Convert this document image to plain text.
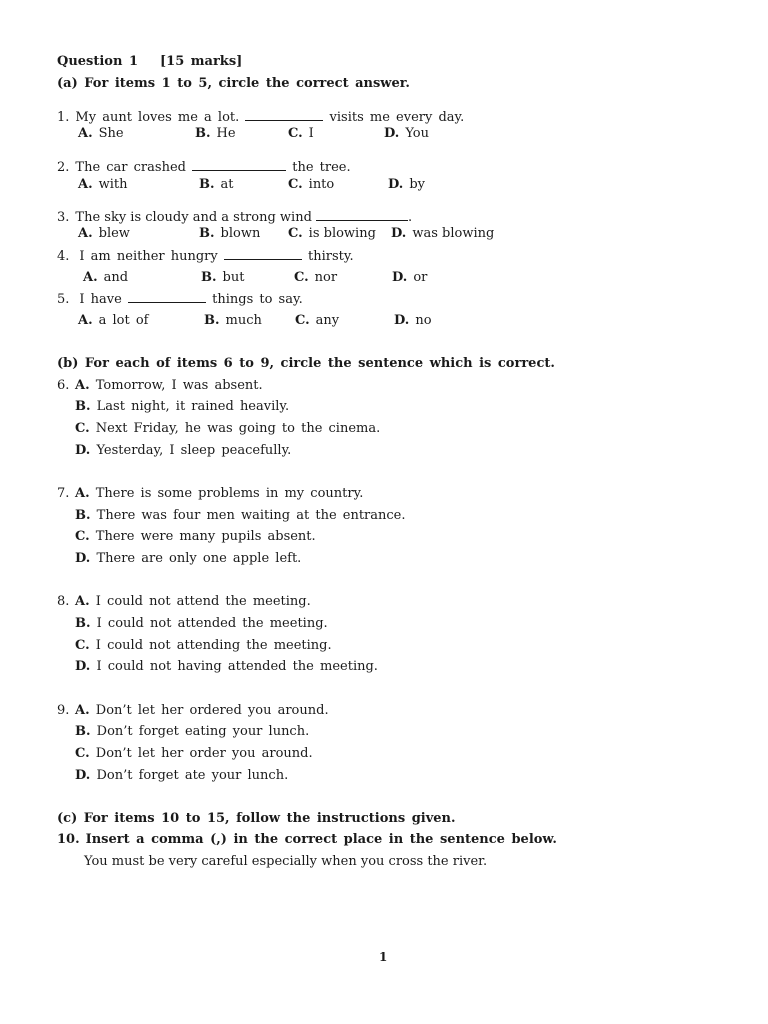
Question 1 [15 marks]
(a) For items 1 to 5, circle the correct answer.
1. My aunt loves me a lot.	visits me every day.
A. She	B. He	C. I	D. You
2. The car crashed	the tree.
A. with	B. at	C. into	D. by
3. The sky is cloudy and a strong wind	.
A. blew	B. blown C. is blowing D. was blowing
4. I am neither hungry	thirsty.
A. and	B. but	C. nor	D. or
5. I have	things to say.
A. a lot of	B. much	C. any	D. no
(b) For each of items 6 to 9, circle the sentence which is correct.
6. A. Tomorrow, I was absent.
B. Last night, it rained heavily.
C. Next Friday, he was going to the cinema.
D. Yesterday, I sleep peacefully.
7. A. There is some problems in my country.
B. There was four men waiting at the entrance.
C. There were many pupils absent.
D. There are only one apple left.
8. A. I could not attend the meeting.
B. I could not attended the meeting.
C. I could not attending the meeting.
D. I could not having attended the meeting.
9. A. Don’t let her ordered you around.
B. Don’t forget eating your lunch.
C. Don’t let her order you around.
D. Don’t forget ate your lunch.
(c) For items 10 to 15, follow the instructions given.
10. Insert a comma (,) in the correct place in the sentence below.
You must be very careful especially when you cross the river.
1
